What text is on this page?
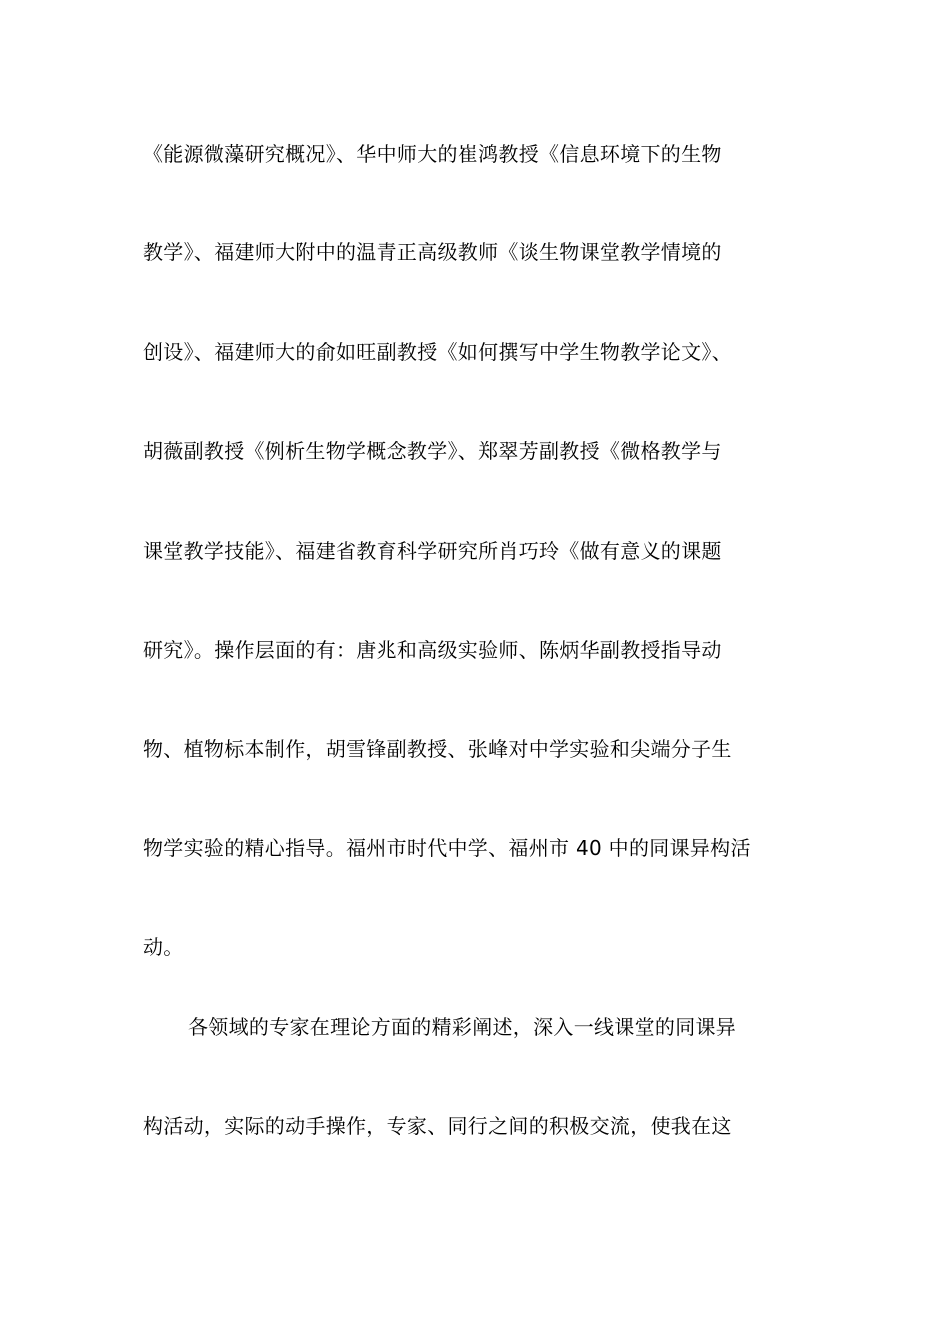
《能源微藻研究概况》、华中师大的崔鸿教授《信息环境下的生物
教学》、福建师大附中的温青正高级教师《谈生物课堂教学情境的
创设》、福建师大的俞如旺副教授《如何撰写中学生物教学论文》、
胡薇副教授《例析生物学概念教学》、郑翠芳副教授《微格教学与
课堂教学技能》、福建省教育科学研究所肖巧玲《做有意义的课题
研究》。操作层面的有：唐兆和高级实验师、陈炳华副教授指导动
物、植物标本制作，胡雪锋副教授、张峰对中学实验和尖端分子生
物学实验的精心指导。福州市时代中学、福州市 40 中的同课异构活
动。
各领域的专家在理论方面的精彩阐述，深入一线课堂的同课异
构活动，实际的动手操作，专家、同行之间的积极交流，使我在这
